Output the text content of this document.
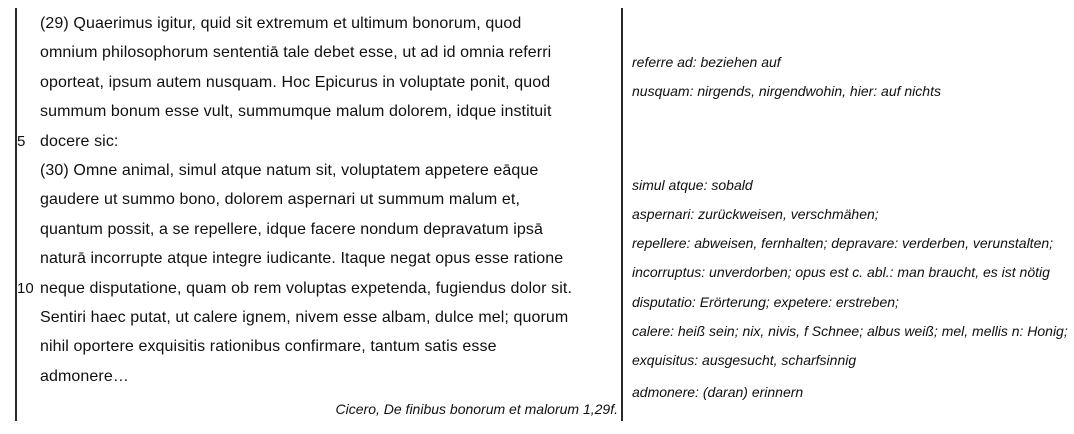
5
10
(29) Quaerimus igitur, quid sit extremum et ultimum bonorum, quod
omnium philosophorum sententiā tale debet esse, ut ad id omnia referri
oporteat, ipsum autem nusquam. Hoc Epicurus in voluptate ponit, quod
summum bonum esse vult, summumque malum dolorem, idque instituit
docere sic:
(30) Omne animal, simul atque natum sit, voluptatem appetere eāque
gaudere ut summo bono, dolorem aspernari ut summum malum et,
quantum possit, a se repellere, idque facere nondum depravatum ipsā
naturā incorrupte atque integre iudicante. Itaque negat opus esse ratione
neque disputatione, quam ob rem voluptas expetenda, fugiendus dolor sit.
Sentiri haec putat, ut calere ignem, nivem esse albam, dulce mel; quorum
nihil oportere exquisitis rationibus confirmare, tantum satis esse
admonere…
Cicero, De finibus bonorum et malorum 1,29f.
referre ad: beziehen auf
nusquam: nirgends, nirgendwohin, hier: auf nichts
simul atque: sobald
aspernari: zurückweisen, verschmähen;
repellere: abweisen, fernhalten; depravare: verderben, verunstalten;
incorruptus: unverdorben; opus est c. abl.: man braucht, es ist nötig
disputatio: Erörterung; expetere: erstreben;
calere: heiß sein; nix, nivis, f Schnee; albus weiß; mel, mellis n: Honig;
exquisitus: ausgesucht, scharfsinnig
admonere: (daran) erinnern
